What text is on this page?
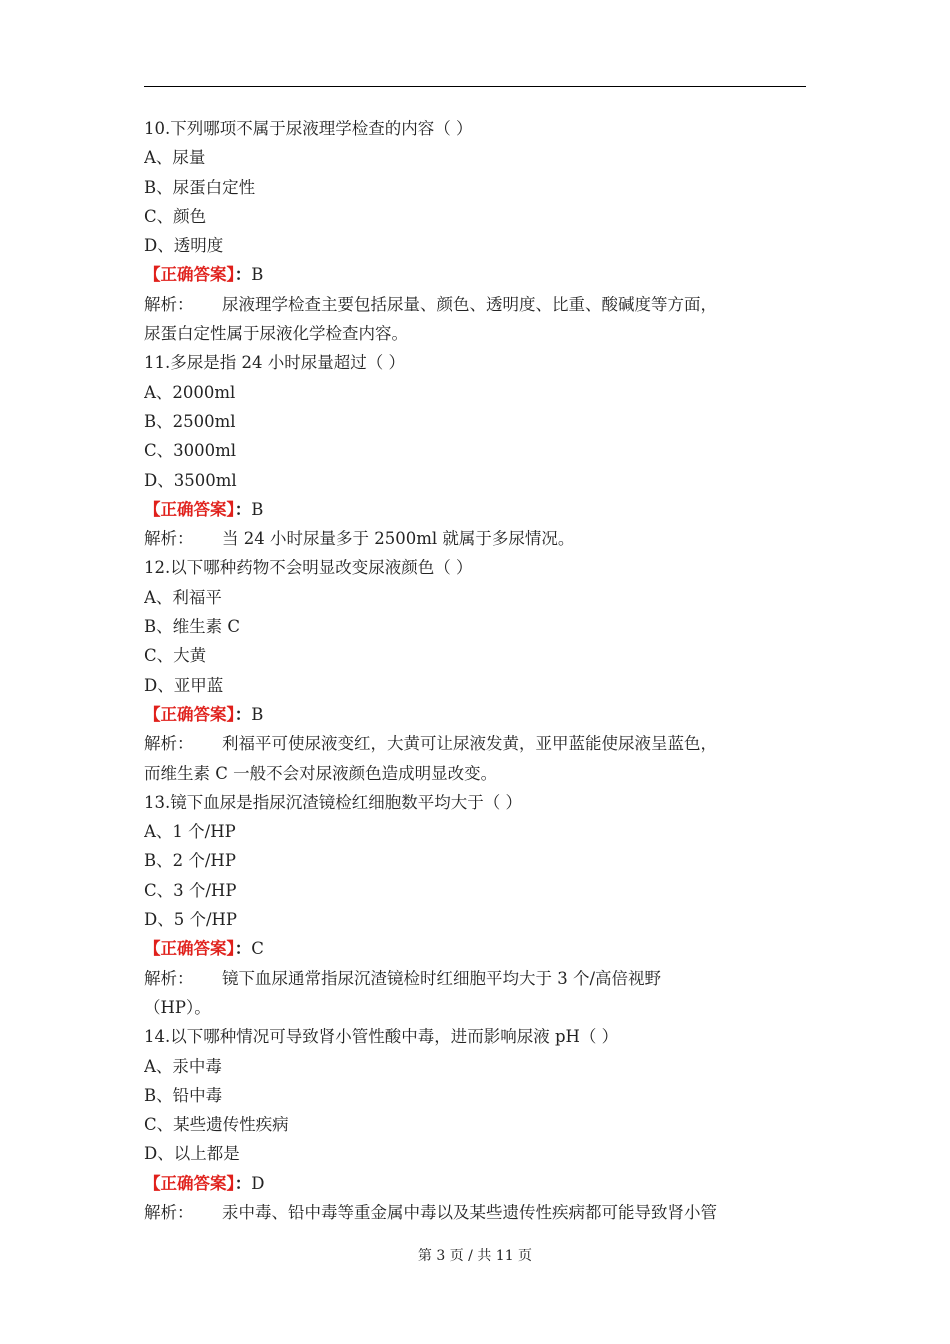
10.下列哪项不属于尿液理学检查的内容（ ）
A、尿量
B、尿蛋白定性
C、颜色
D、透明度
【正确答案】：B
解析： 尿液理学检查主要包括尿量、颜色、透明度、比重、酸碱度等方面，
尿蛋白定性属于尿液化学检查内容。
11.多尿是指 24 小时尿量超过（ ）
A、2000ml
B、2500ml
C、3000ml
D、3500ml
【正确答案】：B
解析： 当 24 小时尿量多于 2500ml 就属于多尿情况。
12.以下哪种药物不会明显改变尿液颜色（ ）
A、利福平
B、维生素 C
C、大黄
D、亚甲蓝
【正确答案】：B
解析： 利福平可使尿液变红，大黄可让尿液发黄，亚甲蓝能使尿液呈蓝色，
而维生素 C 一般不会对尿液颜色造成明显改变。
13.镜下血尿是指尿沉渣镜检红细胞数平均大于（ ）
A、1 个/HP
B、2 个/HP
C、3 个/HP
D、5 个/HP
【正确答案】：C
解析： 镜下血尿通常指尿沉渣镜检时红细胞平均大于 3 个/高倍视野
（HP）。
14.以下哪种情况可导致肾小管性酸中毒，进而影响尿液 pH（ ）
A、汞中毒
B、铅中毒
C、某些遗传性疾病
D、以上都是
【正确答案】：D
解析： 汞中毒、铅中毒等重金属中毒以及某些遗传性疾病都可能导致肾小管
第 3 页 / 共 11 页
